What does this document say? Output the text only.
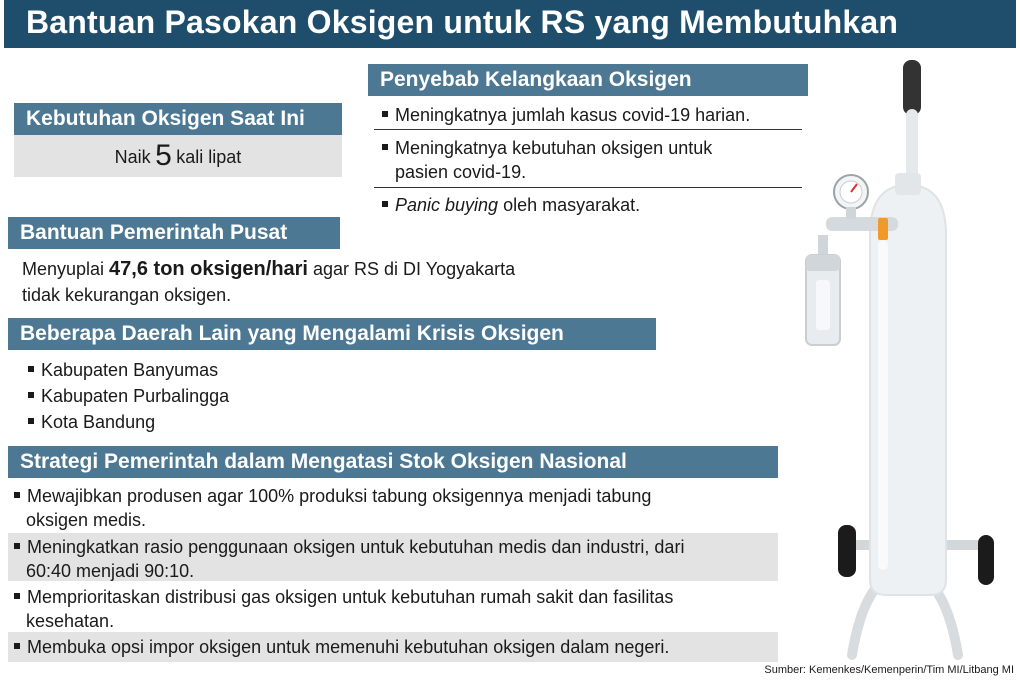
Bantuan Pasokan Oksigen untuk RS yang Membutuhkan
Kebutuhan Oksigen Saat Ini
Naik 5 kali lipat
Penyebab Kelangkaan Oksigen
Meningkatnya jumlah kasus covid-19 harian.
Meningkatnya kebutuhan oksigen untuk
pasien covid-19.
Panic buying oleh masyarakat.
Bantuan Pemerintah Pusat
Menyuplai 47,6 ton oksigen/hari agar RS di DI Yogyakarta
tidak kekurangan oksigen.
Beberapa Daerah Lain yang Mengalami Krisis Oksigen
Kabupaten Banyumas
Kabupaten Purbalingga
Kota Bandung
Strategi Pemerintah dalam Mengatasi Stok Oksigen Nasional
Mewajibkan produsen agar 100% produksi tabung oksigennya menjadi tabung
oksigen medis.
Meningkatkan rasio penggunaan oksigen untuk kebutuhan medis dan industri, dari
60:40 menjadi 90:10.
Memprioritaskan distribusi gas oksigen untuk kebutuhan rumah sakit dan fasilitas
kesehatan.
Membuka opsi impor oksigen untuk memenuhi kebutuhan oksigen dalam negeri.
Sumber: Kemenkes/Kemenperin/Tim MI/Litbang MI
